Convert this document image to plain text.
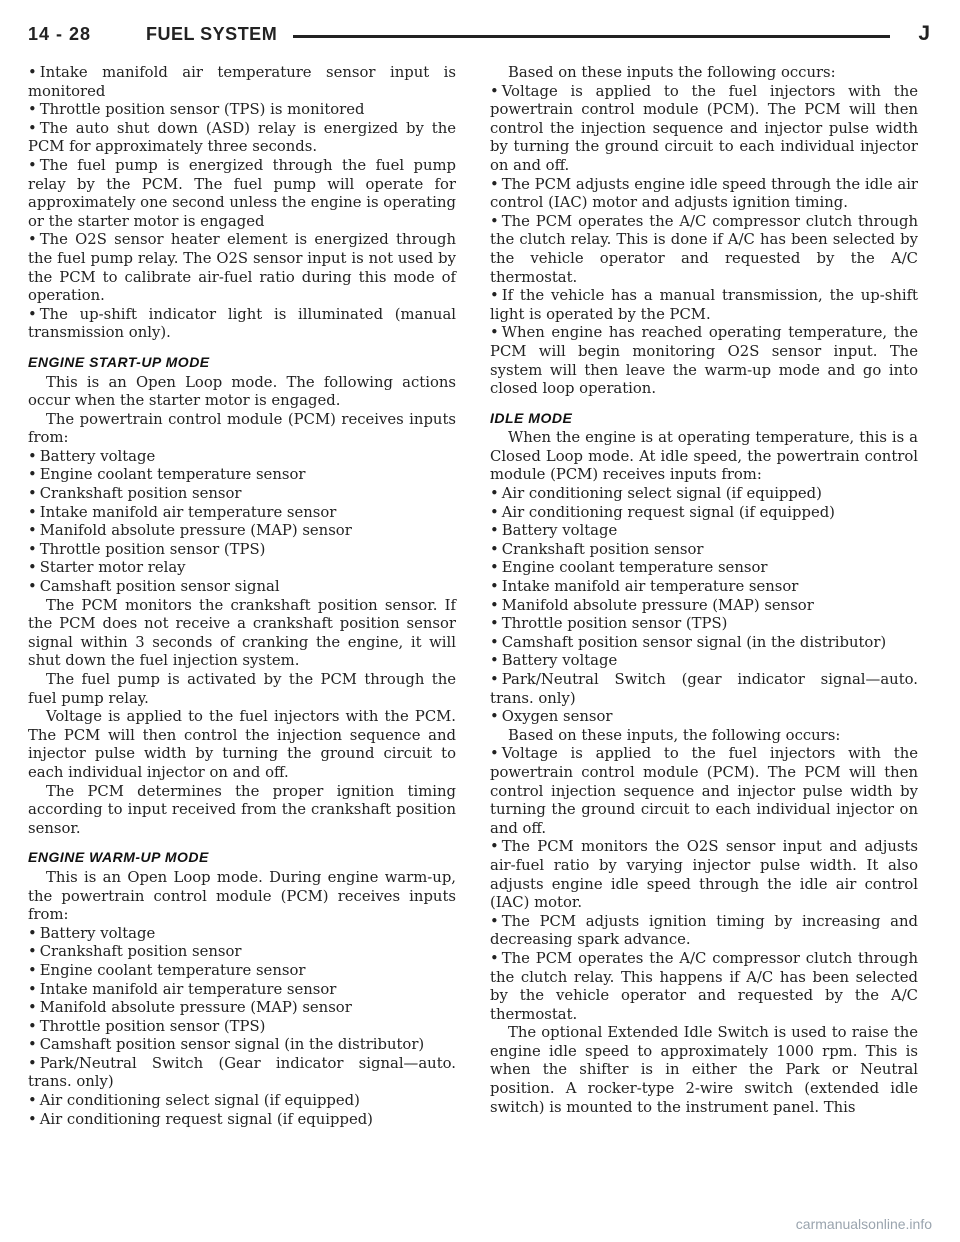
14 - 28	FUEL SYSTEM	J

• Intake manifold air temperature sensor input is monitored

• Throttle position sensor (TPS) is monitored

• The auto shut down (ASD) relay is energized by the PCM for approximately three seconds.

• The fuel pump is energized through the fuel pump relay by the PCM. The fuel pump will operate for approximately one second unless the engine is operating or the starter motor is engaged

• The O2S sensor heater element is energized through the fuel pump relay. The O2S sensor input is not used by the PCM to calibrate air-fuel ratio during this mode of operation.

• The up-shift indicator light is illuminated (manual transmission only).

ENGINE START-UP MODE

This is an Open Loop mode. The following actions occur when the starter motor is engaged.

The powertrain control module (PCM) receives inputs from:

• Battery voltage

• Engine coolant temperature sensor

• Crankshaft position sensor

• Intake manifold air temperature sensor

• Manifold absolute pressure (MAP) sensor

• Throttle position sensor (TPS)

• Starter motor relay

• Camshaft position sensor signal

The PCM monitors the crankshaft position sensor. If the PCM does not receive a crankshaft position sensor signal within 3 seconds of cranking the engine, it will shut down the fuel injection system.

The fuel pump is activated by the PCM through the fuel pump relay.

Voltage is applied to the fuel injectors with the PCM. The PCM will then control the injection sequence and injector pulse width by turning the ground circuit to each individual injector on and off.

The PCM determines the proper ignition timing according to input received from the crankshaft position sensor.

ENGINE WARM-UP MODE

This is an Open Loop mode. During engine warm-up, the powertrain control module (PCM) receives inputs from:

• Battery voltage

• Crankshaft position sensor

• Engine coolant temperature sensor

• Intake manifold air temperature sensor

• Manifold absolute pressure (MAP) sensor

• Throttle position sensor (TPS)

• Camshaft position sensor signal (in the distributor)

• Park/Neutral Switch (Gear indicator signal—auto. trans. only)

• Air conditioning select signal (if equipped)

• Air conditioning request signal (if equipped)

Based on these inputs the following occurs:

• Voltage is applied to the fuel injectors with the powertrain control module (PCM). The PCM will then control the injection sequence and injector pulse width by turning the ground circuit to each individual injector on and off.

• The PCM adjusts engine idle speed through the idle air control (IAC) motor and adjusts ignition timing.

• The PCM operates the A/C compressor clutch through the clutch relay. This is done if A/C has been selected by the vehicle operator and requested by the A/C thermostat.

• If the vehicle has a manual transmission, the up-shift light is operated by the PCM.

• When engine has reached operating temperature, the PCM will begin monitoring O2S sensor input. The system will then leave the warm-up mode and go into closed loop operation.

IDLE MODE

When the engine is at operating temperature, this is a Closed Loop mode. At idle speed, the powertrain control module (PCM) receives inputs from:

• Air conditioning select signal (if equipped)

• Air conditioning request signal (if equipped)

• Battery voltage

• Crankshaft position sensor

• Engine coolant temperature sensor

• Intake manifold air temperature sensor

• Manifold absolute pressure (MAP) sensor

• Throttle position sensor (TPS)

• Camshaft position sensor signal (in the distributor)

• Battery voltage

• Park/Neutral Switch (gear indicator signal—auto. trans. only)

• Oxygen sensor

Based on these inputs, the following occurs:

• Voltage is applied to the fuel injectors with the powertrain control module (PCM). The PCM will then control injection sequence and injector pulse width by turning the ground circuit to each individual injector on and off.

• The PCM monitors the O2S sensor input and adjusts air-fuel ratio by varying injector pulse width. It also adjusts engine idle speed through the idle air control (IAC) motor.

• The PCM adjusts ignition timing by increasing and decreasing spark advance.

• The PCM operates the A/C compressor clutch through the clutch relay. This happens if A/C has been selected by the vehicle operator and requested by the A/C thermostat.

The optional Extended Idle Switch is used to raise the engine idle speed to approximately 1000 rpm. This is when the shifter is in either the Park or Neutral position. A rocker-type 2-wire switch (extended idle switch) is mounted to the instrument panel. This

carmanualsonline.info
